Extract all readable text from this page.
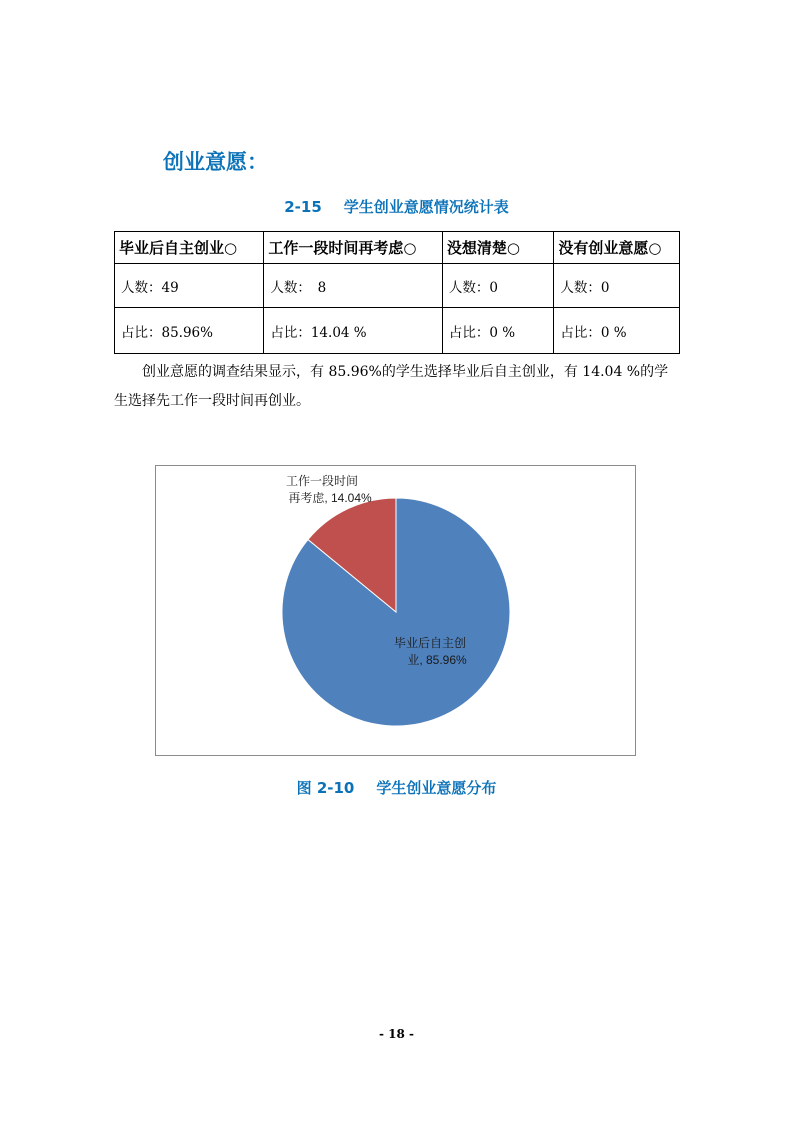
创业意愿：
2-15 学生创业意愿情况统计表
毕业后自主创业○	工作一段时间再考虑○	没想清楚○	没有创业意愿○
人数：49	人数：　8	人数：0	人数：0
占比：85.96%	占比：14.04 %	占比：0 %	占比：0 %
创业意愿的调查结果显示，有 85.96%的学生选择毕业后自主创业，有 14.04 %的学生选择先工作一段时间再创业。
毕业后自主创
业, 85.96%
工作一段时间
再考虑, 14.04%
图 2-10 学生创业意愿分布
- 18 -
